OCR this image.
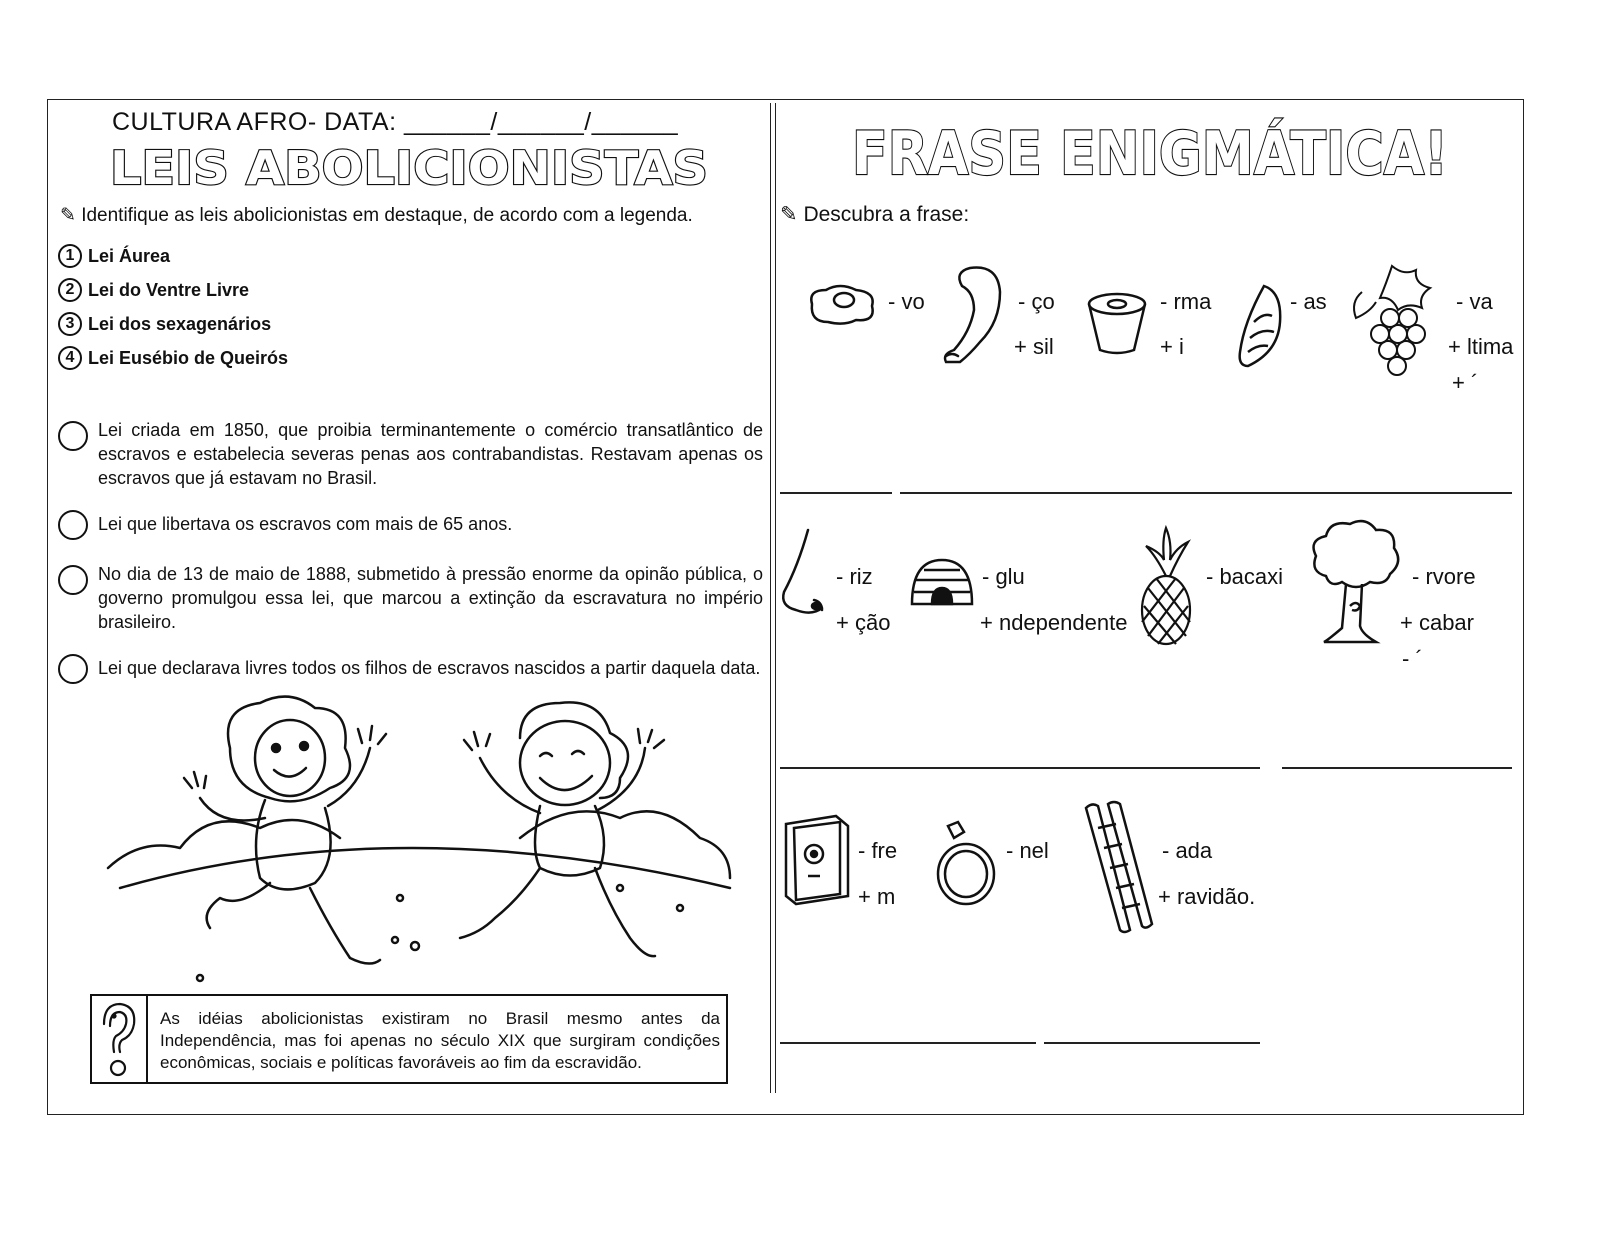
CULTURA AFRO- DATA: ______/______/______
LEIS ABOLICIONISTAS
✎ Identifique as leis abolicionistas em destaque, de acordo com a legenda.
1 Lei Áurea
2 Lei do Ventre Livre
3 Lei dos sexagenários
4 Lei Eusébio de Queirós
Lei criada em 1850, que proibia terminantemente o comércio transatlântico de escravos e estabelecia severas penas aos contrabandistas. Restavam apenas os escravos que já estavam no Brasil.
Lei que libertava os escravos com mais de 65 anos.
No dia de 13 de maio de 1888, submetido à pressão enorme da opinão pública, o governo promulgou essa lei, que marcou a extinção da escravatura no império brasileiro.
Lei que declarava livres todos os filhos de escravos nascidos a partir daquela data.
As idéias abolicionistas existiram no Brasil mesmo antes da Independência, mas foi apenas no século XIX que surgiram condições econômicas, sociais e políticas favoráveis ao fim da escravidão.
FRASE ENIGMÁTICA!
✎ Descubra a frase:
- vo	- ço
+ sil
- rma
+ i
- as	- va
+ ltima
+ ´
- riz
+ ção
- glu
+ ndependente
- bacaxi	- rvore
+ cabar
- ´
- fre
+ m
- nel	- ada
+ ravidão.
